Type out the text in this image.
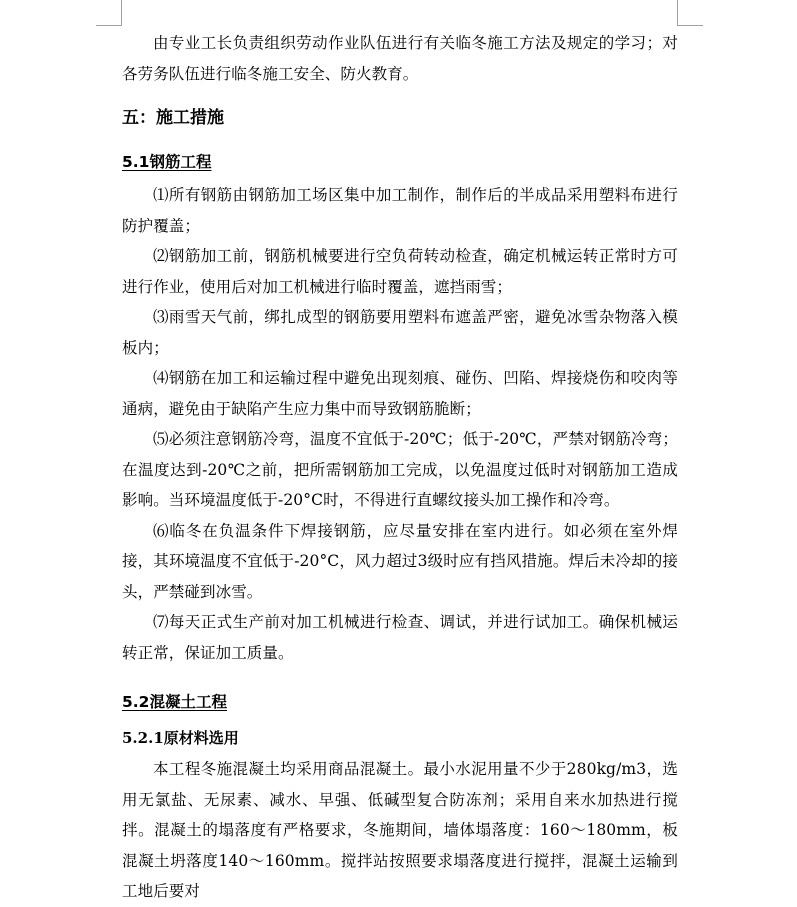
由专业工长负责组织劳动作业队伍进行有关临冬施工方法及规定的学习；对各劳务队伍进行临冬施工安全、防火教育。

五：施工措施
5.1钢筋工程

⑴所有钢筋由钢筋加工场区集中加工制作，制作后的半成品采用塑料布进行防护覆盖；

⑵钢筋加工前，钢筋机械要进行空负荷转动检查，确定机械运转正常时方可进行作业，使用后对加工机械进行临时覆盖，遮挡雨雪；

⑶雨雪天气前，绑扎成型的钢筋要用塑料布遮盖严密，避免冰雪杂物落入模板内；

⑷钢筋在加工和运输过程中避免出现刻痕、碰伤、凹陷、焊接烧伤和咬肉等通病，避免由于缺陷产生应力集中而导致钢筋脆断；

⑸必须注意钢筋冷弯，温度不宜低于-20℃；低于-20℃，严禁对钢筋冷弯；在温度达到-20℃之前，把所需钢筋加工完成，以免温度过低时对钢筋加工造成影响。当环境温度低于-20°C时，不得进行直螺纹接头加工操作和冷弯。

⑹临冬在负温条件下焊接钢筋，应尽量安排在室内进行。如必须在室外焊接，其环境温度不宜低于-20°C，风力超过3级时应有挡风措施。焊后未冷却的接头，严禁碰到冰雪。

⑺每天正式生产前对加工机械进行检查、调试，并进行试加工。确保机械运转正常，保证加工质量。

5.2混凝土工程
5.2.1原材料选用

本工程冬施混凝土均采用商品混凝土。最小水泥用量不少于280kg/m3，选用无氯盐、无尿素、减水、早强、低碱型复合防冻剂；采用自来水加热进行搅拌。混凝土的塌落度有严格要求，冬施期间，墙体塌落度：160～180mm，板混凝土坍落度140～160mm。搅拌站按照要求塌落度进行搅拌，混凝土运输到工地后要对
